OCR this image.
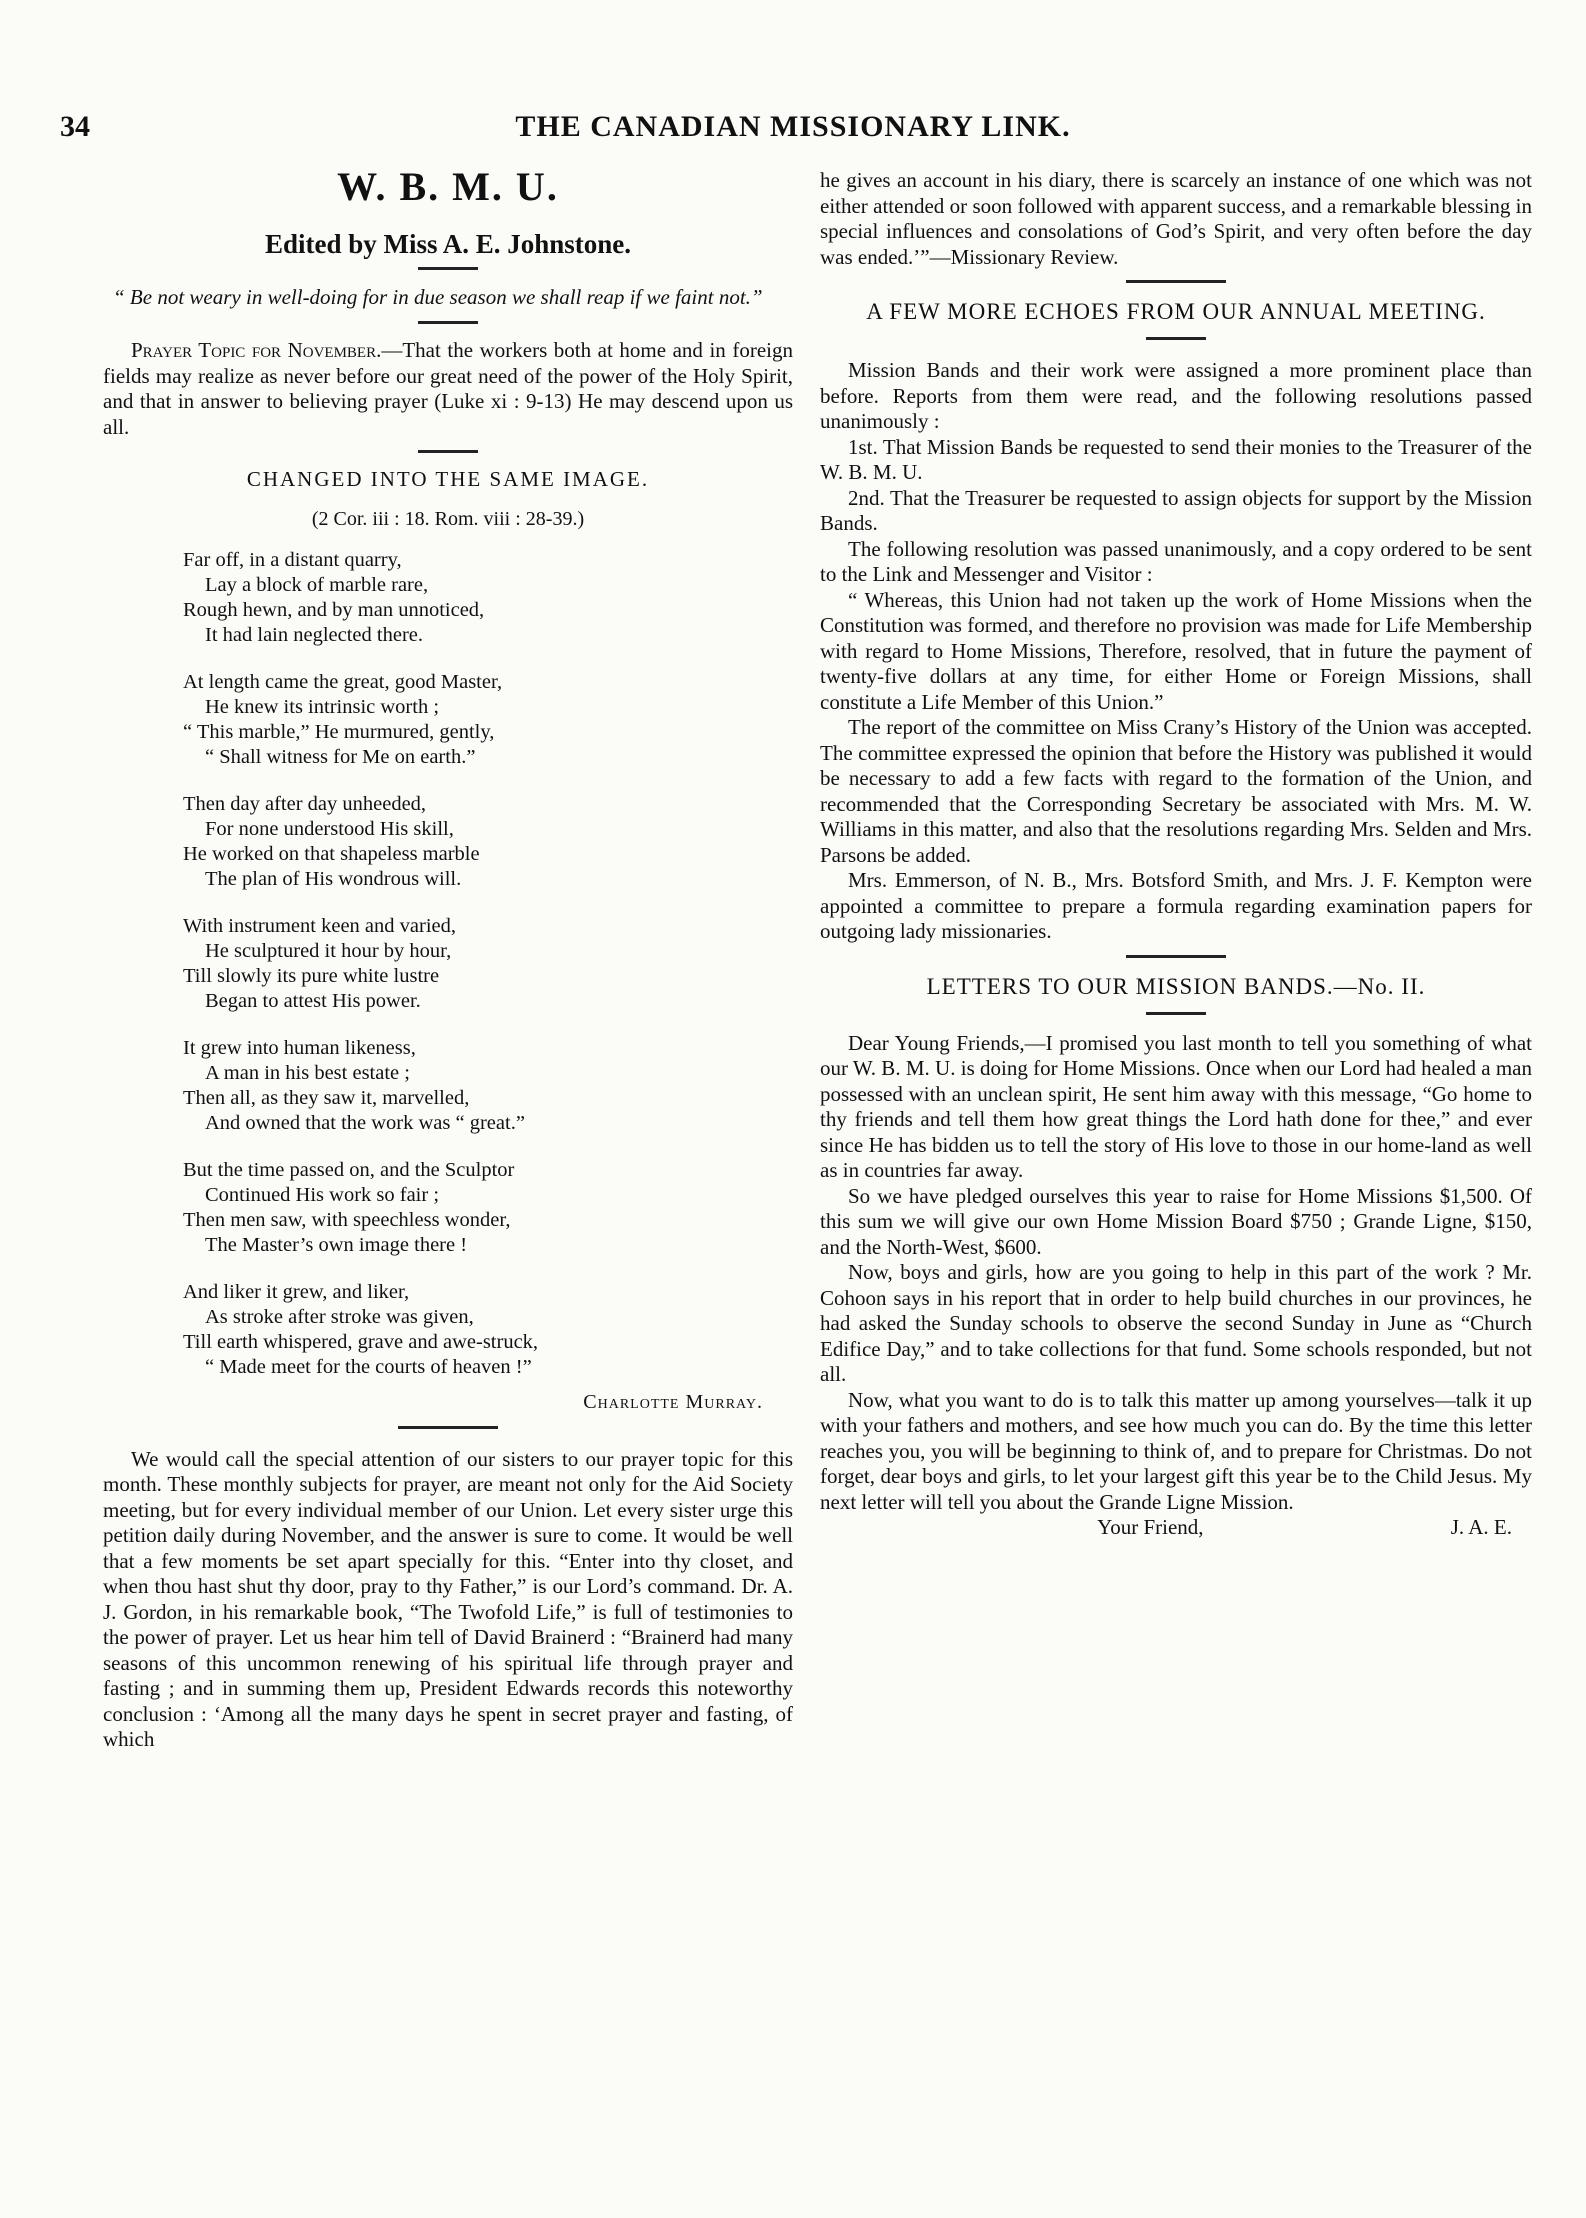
34	THE CANADIAN MISSIONARY LINK.
W. B. M. U.
Edited by Miss A. E. Johnstone.
“ Be not weary in well-doing for in due season we shall reap if we faint not.”

Prayer Topic for November.—That the workers both at home and in foreign fields may realize as never before our great need of the power of the Holy Spirit, and that in answer to believing prayer (Luke xi : 9-13) He may descend upon us all.

CHANGED INTO THE SAME IMAGE.
(2 Cor. iii : 18. Rom. viii : 28-39.)
Far off, in a distant quarry,
Lay a block of marble rare,
Rough hewn, and by man unnoticed,
It had lain neglected there.
At length came the great, good Master,
He knew its intrinsic worth ;
“ This marble,” He murmured, gently,
“ Shall witness for Me on earth.”
Then day after day unheeded,
For none understood His skill,
He worked on that shapeless marble
The plan of His wondrous will.
With instrument keen and varied,
He sculptured it hour by hour,
Till slowly its pure white lustre
Began to attest His power.
It grew into human likeness,
A man in his best estate ;
Then all, as they saw it, marvelled,
And owned that the work was “ great.”
But the time passed on, and the Sculptor
Continued His work so fair ;
Then men saw, with speechless wonder,
The Master’s own image there !
And liker it grew, and liker,
As stroke after stroke was given,
Till earth whispered, grave and awe-struck,
“ Made meet for the courts of heaven !”
Charlotte Murray.

We would call the special attention of our sisters to our prayer topic for this month. These monthly subjects for prayer, are meant not only for the Aid Society meeting, but for every individual member of our Union. Let every sister urge this petition daily during November, and the answer is sure to come. It would be well that a few moments be set apart specially for this. “Enter into thy closet, and when thou hast shut thy door, pray to thy Father,” is our Lord’s command. Dr. A. J. Gordon, in his remarkable book, “The Twofold Life,” is full of testimonies to the power of prayer. Let us hear him tell of David Brainerd : “Brainerd had many seasons of this uncommon renewing of his spiritual life through prayer and fasting ; and in summing them up, President Edwards records this noteworthy conclusion : ‘Among all the many days he spent in secret prayer and fasting, of which

he gives an account in his diary, there is scarcely an instance of one which was not either attended or soon followed with apparent success, and a remarkable blessing in special influences and consolations of God’s Spirit, and very often before the day was ended.’”—Missionary Review.

A FEW MORE ECHOES FROM OUR ANNUAL MEETING.

Mission Bands and their work were assigned a more prominent place than before. Reports from them were read, and the following resolutions passed unanimously :

1st. That Mission Bands be requested to send their monies to the Treasurer of the W. B. M. U.

2nd. That the Treasurer be requested to assign objects for support by the Mission Bands.

The following resolution was passed unanimously, and a copy ordered to be sent to the Link and Messenger and Visitor :

“ Whereas, this Union had not taken up the work of Home Missions when the Constitution was formed, and therefore no provision was made for Life Membership with regard to Home Missions, Therefore, resolved, that in future the payment of twenty-five dollars at any time, for either Home or Foreign Missions, shall constitute a Life Member of this Union.”

The report of the committee on Miss Crany’s History of the Union was accepted. The committee expressed the opinion that before the History was published it would be necessary to add a few facts with regard to the formation of the Union, and recommended that the Corresponding Secretary be associated with Mrs. M. W. Williams in this matter, and also that the resolutions regarding Mrs. Selden and Mrs. Parsons be added.

Mrs. Emmerson, of N. B., Mrs. Botsford Smith, and Mrs. J. F. Kempton were appointed a committee to prepare a formula regarding examination papers for outgoing lady missionaries.

LETTERS TO OUR MISSION BANDS.—No. II.

Dear Young Friends,—I promised you last month to tell you something of what our W. B. M. U. is doing for Home Missions. Once when our Lord had healed a man possessed with an unclean spirit, He sent him away with this message, “Go home to thy friends and tell them how great things the Lord hath done for thee,” and ever since He has bidden us to tell the story of His love to those in our home-land as well as in countries far away.

So we have pledged ourselves this year to raise for Home Missions $1,500. Of this sum we will give our own Home Mission Board $750 ; Grande Ligne, $150, and the North-West, $600.

Now, boys and girls, how are you going to help in this part of the work ? Mr. Cohoon says in his report that in order to help build churches in our provinces, he had asked the Sunday schools to observe the second Sunday in June as “Church Edifice Day,” and to take collections for that fund. Some schools responded, but not all.

Now, what you want to do is to talk this matter up among yourselves—talk it up with your fathers and mothers, and see how much you can do. By the time this letter reaches you, you will be beginning to think of, and to prepare for Christmas. Do not forget, dear boys and girls, to let your largest gift this year be to the Child Jesus. My next letter will tell you about the Grande Ligne Mission.

Your Friend,	J. A. E.
